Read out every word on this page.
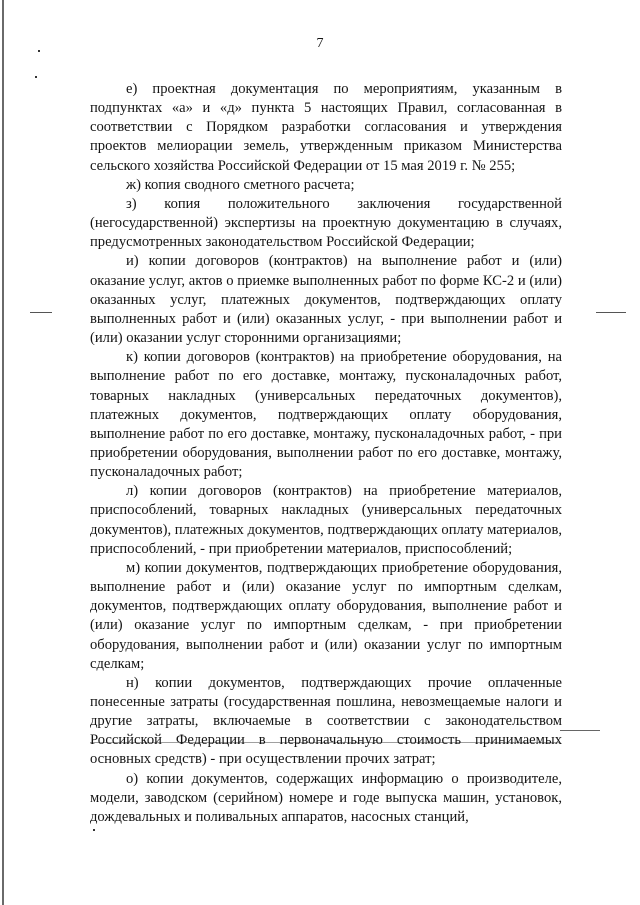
7

е) проектная документация по мероприятиям, указанным в подпунктах «а» и «д» пункта 5 настоящих Правил, согласованная в соответствии с Порядком разработки согласования и утверждения проектов мелиорации земель, утвержденным приказом Министерства сельского хозяйства Российской Федерации от 15 мая 2019 г. № 255;

ж) копия сводного сметного расчета;

з) копия положительного заключения государственной (негосударственной) экспертизы на проектную документацию в случаях, предусмотренных законодательством Российской Федерации;

и) копии договоров (контрактов) на выполнение работ и (или) оказание услуг, актов о приемке выполненных работ по форме КС-2 и (или) оказанных услуг, платежных документов, подтверждающих оплату выполненных работ и (или) оказанных услуг, - при выполнении работ и (или) оказании услуг сторонними организациями;

к) копии договоров (контрактов) на приобретение оборудования, на выполнение работ по его доставке, монтажу, пусконаладочных работ, товарных накладных (универсальных передаточных документов), платежных документов, подтверждающих оплату оборудования, выполнение работ по его доставке, монтажу, пусконаладочных работ, - при приобретении оборудования, выполнении работ по его доставке, монтажу, пусконаладочных работ;

л) копии договоров (контрактов) на приобретение материалов, приспособлений, товарных накладных (универсальных передаточных документов), платежных документов, подтверждающих оплату материалов, приспособлений, - при приобретении материалов, приспособлений;

м) копии документов, подтверждающих приобретение оборудования, выполнение работ и (или) оказание услуг по импортным сделкам, документов, подтверждающих оплату оборудования, выполнение работ и (или) оказание услуг по импортным сделкам, - при приобретении оборудования, выполнении работ и (или) оказании услуг по импортным сделкам;

н) копии документов, подтверждающих прочие оплаченные понесенные затраты (государственная пошлина, невозмещаемые налоги и другие затраты, включаемые в соответствии с законодательством Российской Федерации в первоначальную стоимость принимаемых основных средств) - при осуществлении прочих затрат;

о) копии документов, содержащих информацию о производителе, модели, заводском (серийном) номере и годе выпуска машин, установок, дождевальных и поливальных аппаратов, насосных станций,
